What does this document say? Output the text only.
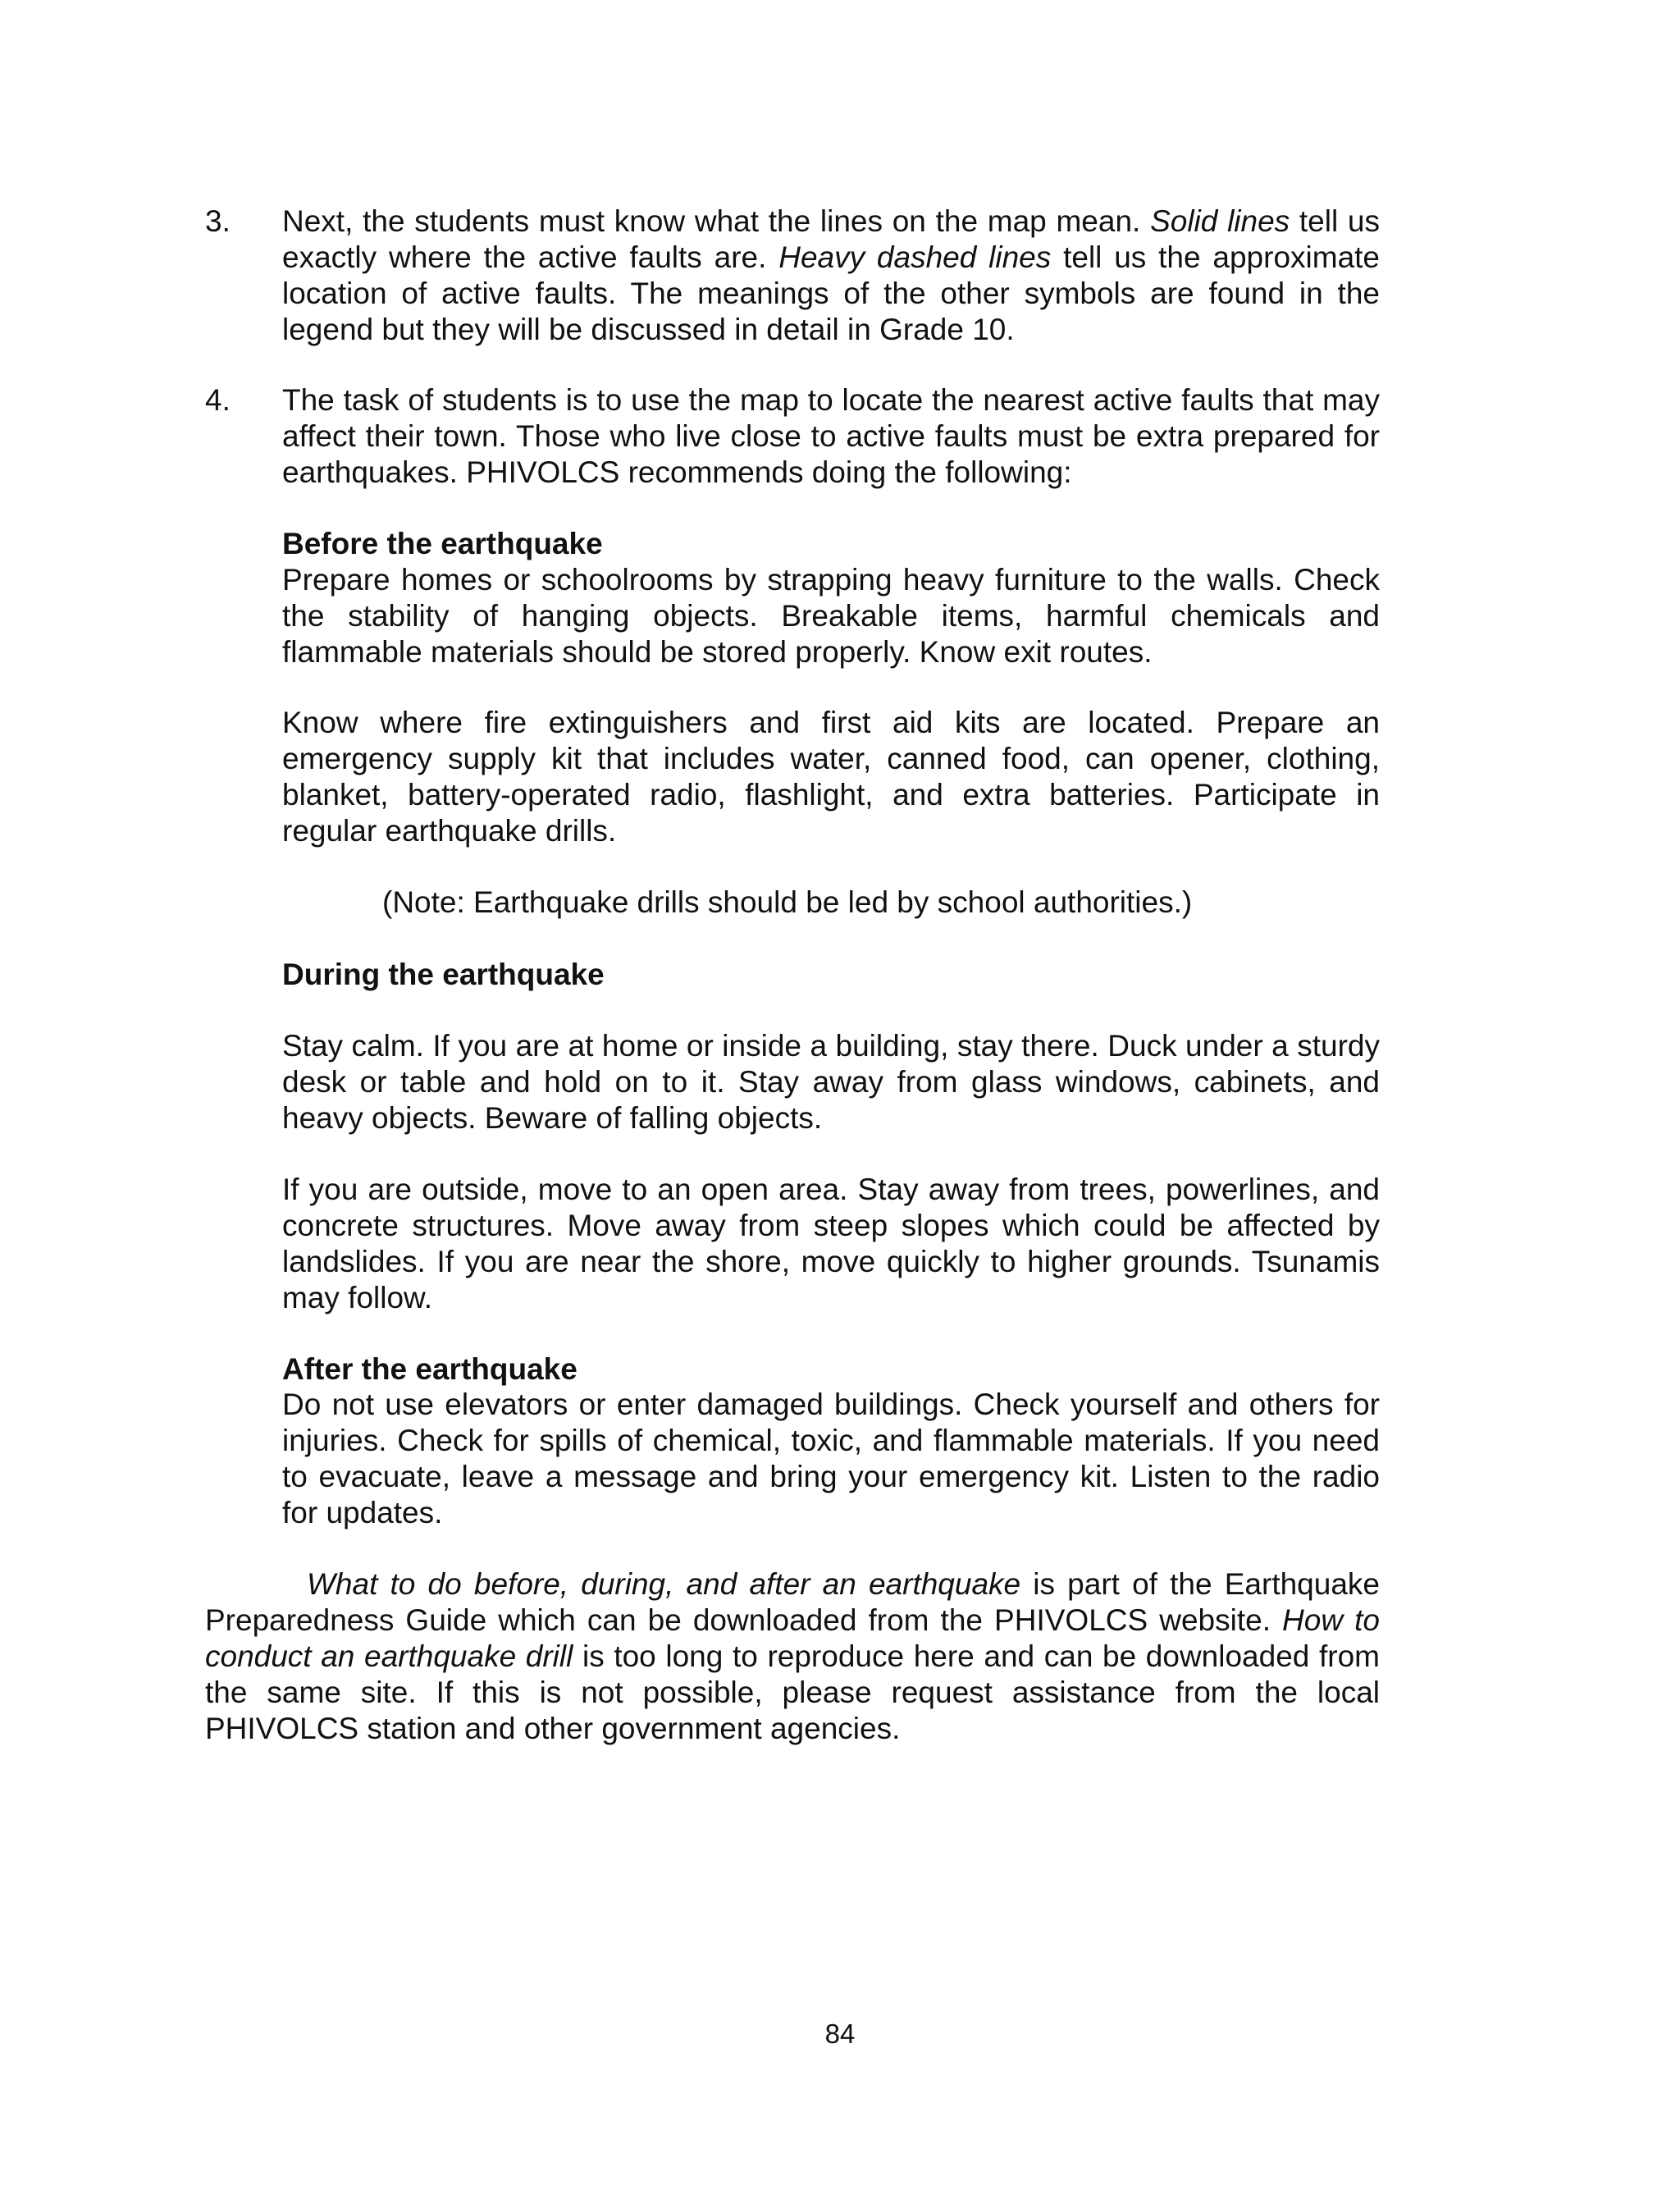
3. Next, the students must know what the lines on the map mean. Solid lines tell us exactly where the active faults are. Heavy dashed lines tell us the approximate location of active faults. The meanings of the other symbols are found in the legend but they will be discussed in detail in Grade 10.

4. The task of students is to use the map to locate the nearest active faults that may affect their town. Those who live close to active faults must be extra prepared for earthquakes. PHIVOLCS recommends doing the following:

Before the earthquake

Prepare homes or schoolrooms by strapping heavy furniture to the walls. Check the stability of hanging objects. Breakable items, harmful chemicals and flammable materials should be stored properly. Know exit routes.

Know where fire extinguishers and first aid kits are located. Prepare an emergency supply kit that includes water, canned food, can opener, clothing, blanket, battery-operated radio, flashlight, and extra batteries. Participate in regular earthquake drills.

(Note: Earthquake drills should be led by school authorities.)

During the earthquake

Stay calm. If you are at home or inside a building, stay there. Duck under a sturdy desk or table and hold on to it. Stay away from glass windows, cabinets, and heavy objects. Beware of falling objects.

If you are outside, move to an open area. Stay away from trees, powerlines, and concrete structures. Move away from steep slopes which could be affected by landslides. If you are near the shore, move quickly to higher grounds. Tsunamis may follow.

After the earthquake

Do not use elevators or enter damaged buildings. Check yourself and others for injuries. Check for spills of chemical, toxic, and flammable materials. If you need to evacuate, leave a message and bring your emergency kit. Listen to the radio for updates.

What to do before, during, and after an earthquake is part of the Earthquake Preparedness Guide which can be downloaded from the PHIVOLCS website. How to conduct an earthquake drill is too long to reproduce here and can be downloaded from the same site. If this is not possible, please request assistance from the local PHIVOLCS station and other government agencies.

84
